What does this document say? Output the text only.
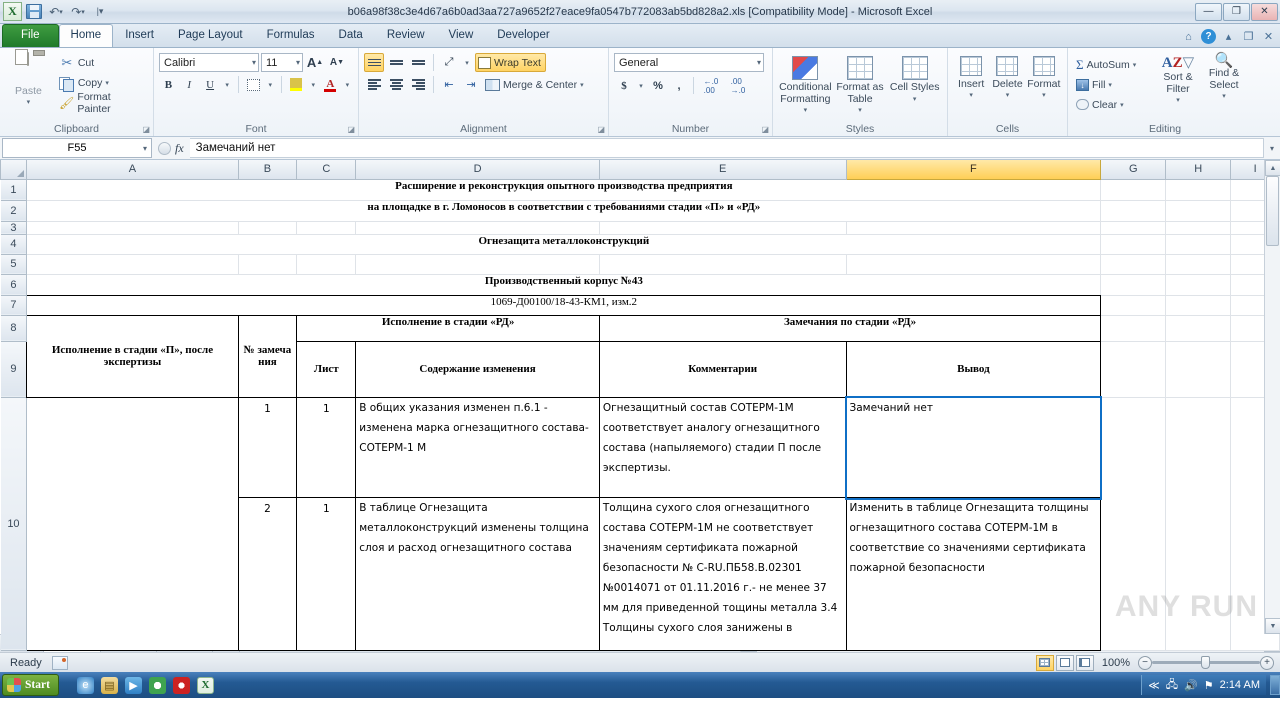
X	↶ ▾ ↷ ▾	|▾	b06a98f38c3e4d67a6b0ad3aa727a9652f27eace9fa0547b772083ab5bd828a2.xls [Compatibility Mode] - Microsoft Excel	—	❐	✕
File	Home	Insert	Page Layout	Formulas	Data	Review	View	Developer	⌂	?	▴	❐ ✕
Paste
▾
✂ Cut
Copy ▾
🖌 Format Painter
Clipboard	◪
Calibri	▾ 11	▾ A ▲ A ▼
B I U ▾	▾	▾ A ▾
Font	◪
⤢	▾ Wrap Text
⇤	⇥	Merge & Center ▾
Alignment	◪
General	▾
$ ▾ % ,	←.0
.00
.00
→.0
Number	◪
Conditional Formatting
▾
Format as Table
▾
Cell Styles
▾
Styles
Insert
▾
Delete
▾
Format
▾
Cells
Σ AutoSum ▾
↓ Fill ▾
Clear ▾
AZ▽
Sort & Filter
▾
🔍
Find & Select
▾
Editing
F55	▾ fx Замечаний нет	▾
	A	B	C	D	E	F	G	H	I
1	Расширение и реконструкция опытного производства предприятия								
2	на площадке в г. Ломоносов в соответствии с требованиями стадии «П» и «РД»								
3									
4	Огнезащита металлоконструкций								
5									
6	Производственный корпус №43								
7	1069-Д00100/18-43-КМ1, изм.2								
8	Исполнение в стадии «П», после экспертизы	№ замеча ния	Исполнение в стадии «РД»		Замечания по стадии «РД»				
9			Лист	Содержание изменения	Комментарии	Вывод			
10		
1
2

1
1

В общих указания изменен п.6.1 - изменена марка огнезащитного состава- СОТЕРМ-1 М
В таблице Огнезащита металлоконструкций изменены толщина слоя и расход огнезащитного состава

Огнезащитный состав СОТЕРМ-1М соответствует аналогу огнезащитного состава (напыляемого) стадии П после экспертизы.
Толщина сухого слоя огнезащитного состава СОТЕРМ-1М не соответствует значениям сертификата пожарной безопасности № C-RU.ПБ58.В.02301 №0014071 от 01.11.2016 г.- не менее 37 мм для приведенной тощины металла 3.4 Толщины сухого слоя занижены в

Замечаний нет
Изменить в таблице Огнезащита толщины огнезащитного состава СОТЕРМ-1М в соответствие со значениями сертификата пожарной безопасности

ANY RUN
▲
▼
Ready	100%	−	+
Start	e	▤	▶	X	≪ 🖧 🔊 ⚑ 2:14 AM
